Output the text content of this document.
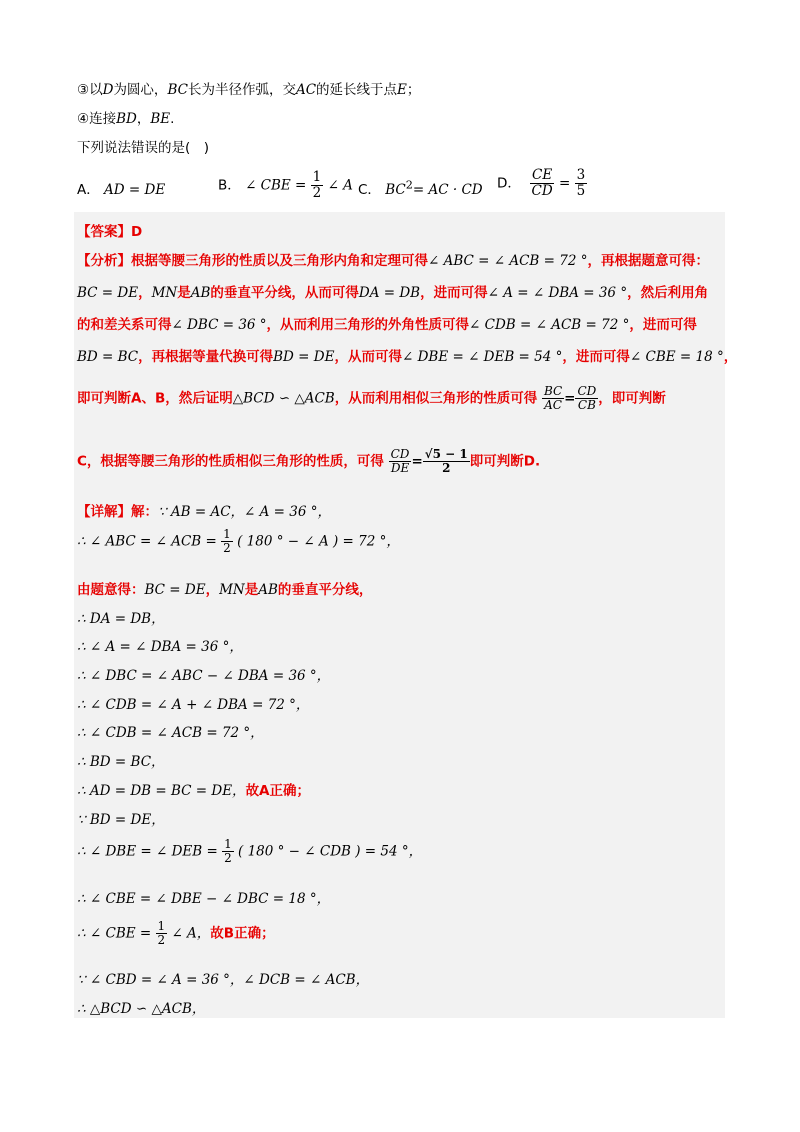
③以D为圆心，BC长为半径作弧，交AC的延长线于点E；
④连接BD，BE.
下列说法错误的是(　)
A． AD = DE	B． ∠ CBE = $\frac{1}{2}$ ∠ A C． $BC^2=$ AC · CD D． $\frac{CE}{CD} = \frac{3}{5}$
【答案】D
【分析】根据等腰三角形的性质以及三角形内角和定理可得∠ ABC = ∠ ACB = 72 °，再根据题意可得：
BC = DE，MN是AB的垂直平分线，从而可得DA = DB，进而可得∠ A = ∠ DBA = 36 °，然后利用角
的和差关系可得∠ DBC = 36 °，从而利用三角形的外角性质可得∠ CDB = ∠ ACB = 72 °，进而可得
BD = BC，再根据等量代换可得BD = DE，从而可得∠ DBE = ∠ DEB = 54 °，进而可得∠ CBE = 18 °，
即可判断A、B，然后证明△BCD ∽ △ACB，从而利用相似三角形的性质可得 $\frac{BC}{AC} = \frac{CD}{CB}$ ，即可判断
C，根据等腰三角形的性质相似三角形的性质，可得 $\frac{CD}{DE} = \frac{√5 - 1}{2}$ 即可判断D.
【详解】解：∵ AB = AC，∠ A = 36 °，
∴ ∠ ABC = ∠ ACB = $\frac{1}{2}$ ( 180 ° − ∠ A ) = 72 °，
由题意得：BC = DE，MN是AB的垂直平分线，
∴ DA = DB，
∴ ∠ A = ∠ DBA = 36 °，
∴ ∠ DBC = ∠ ABC − ∠ DBA = 36 °，
∴ ∠ CDB = ∠ A + ∠ DBA = 72 °，
∴ ∠ CDB = ∠ ACB = 72 °，
∴ BD = BC，
∴ AD = DB = BC = DE，故A正确；
∵ BD = DE，
∴ ∠ DBE = ∠ DEB = $\frac{1}{2}$ ( 180 ° − ∠ CDB ) = 54 °，
∴ ∠ CBE = ∠ DBE − ∠ DBC = 18 °，
∴ ∠ CBE = $\frac{1}{2}$ ∠ A，故B正确；
∵ ∠ CBD = ∠ A = 36 °，∠ DCB = ∠ ACB，
∴ △BCD ∽ △ACB，
